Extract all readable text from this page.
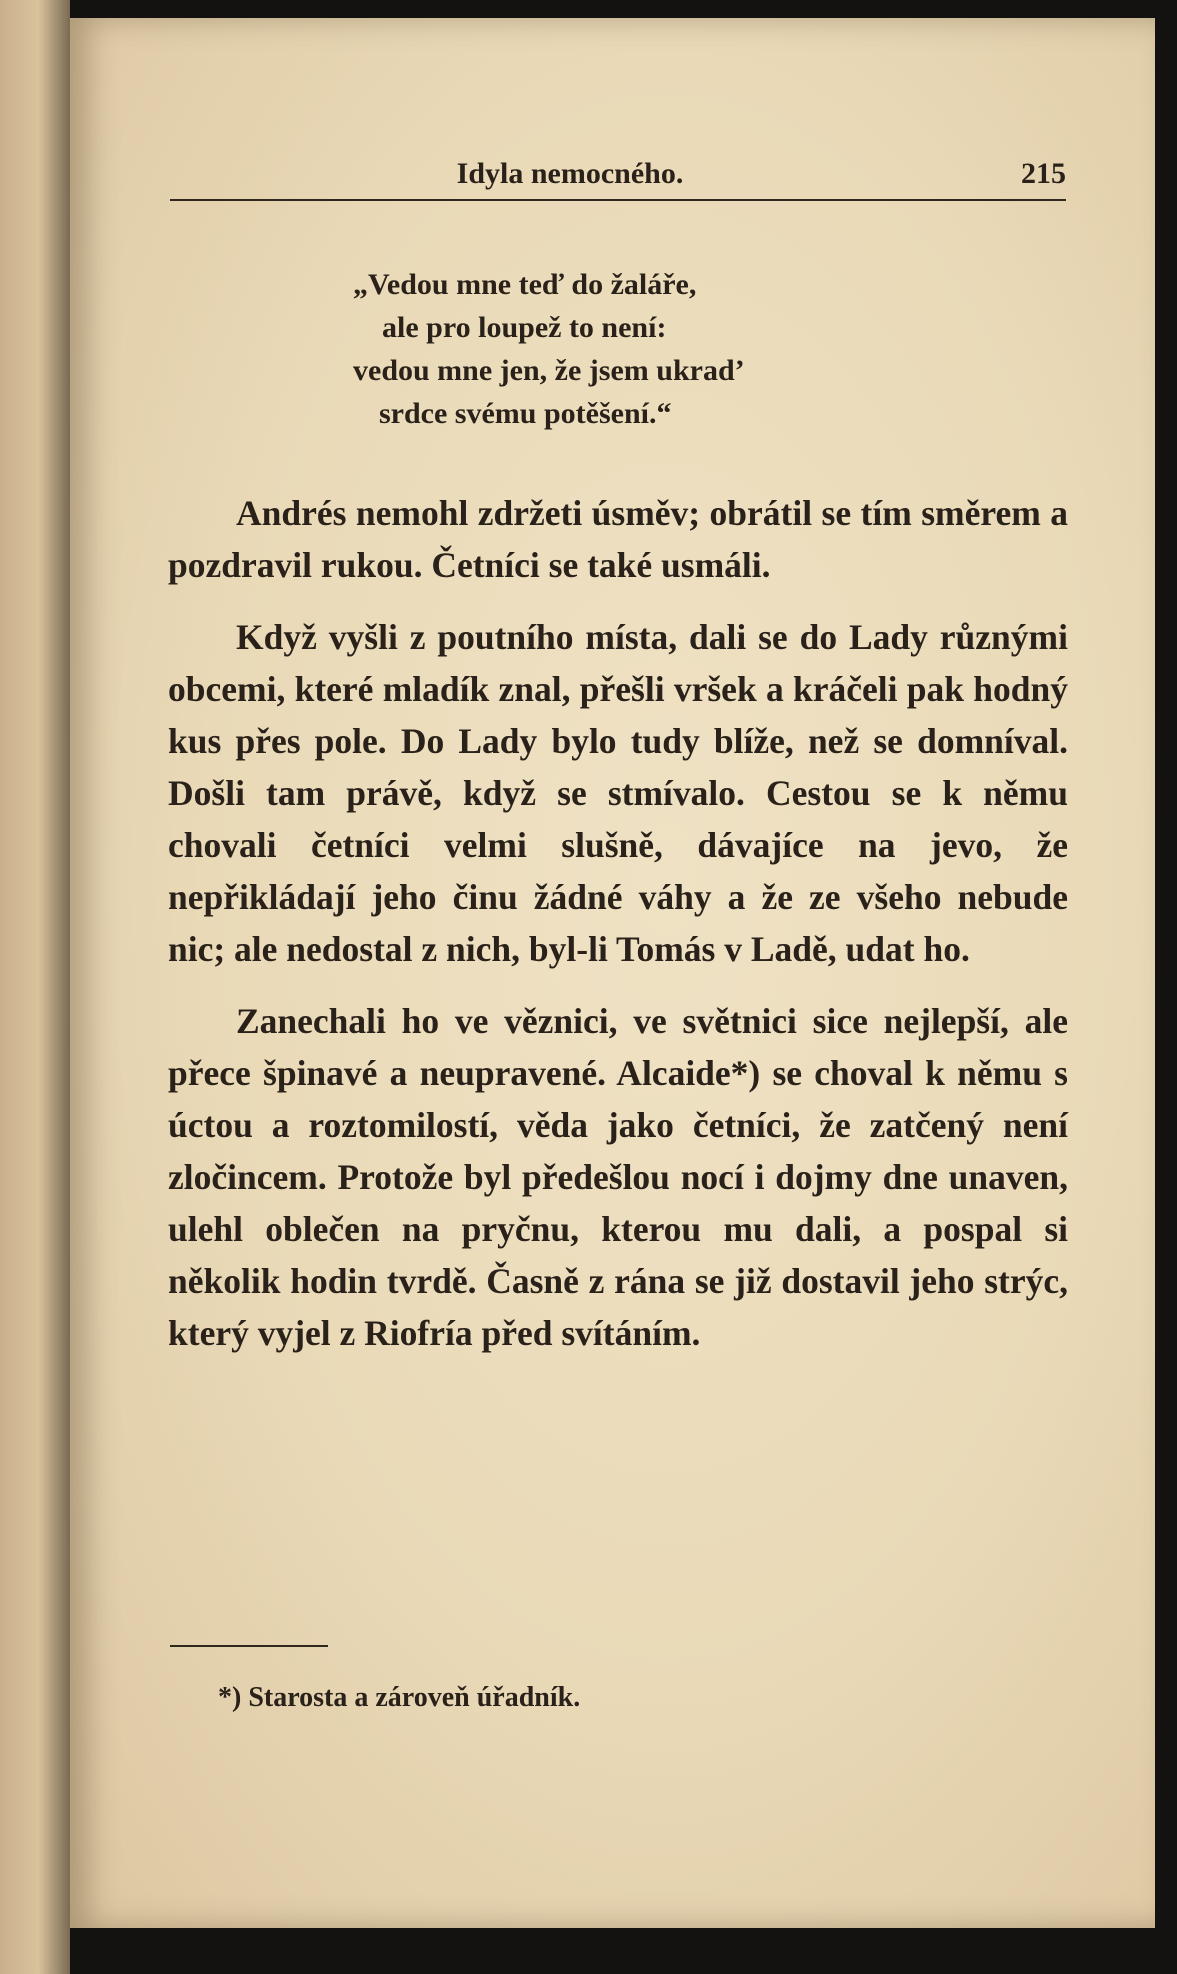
Idyla nemocného.	215
„Vedou mne teď do žaláře,
ale pro loupež to není:
vedou mne jen, že jsem ukrad’
srdce svému potěšení.“

Andrés nemohl zdržeti úsměv; obrátil se tím směrem a pozdravil rukou. Četníci se také usmáli.

Když vyšli z poutního místa, dali se do Lady různými obcemi, které mladík znal, přešli vršek a kráčeli pak hodný kus přes pole. Do Lady bylo tudy blíže, než se domníval. Došli tam právě, když se stmívalo. Cestou se k němu chovali četníci velmi slušně, dávajíce na jevo, že nepřikládají jeho činu žádné váhy a že ze všeho nebude nic; ale nedostal z nich, byl-li Tomás v Ladě, udat ho.

Zanechali ho ve věznici, ve světnici sice nejlepší, ale přece špinavé a neupravené. Alcaide*) se choval k němu s úctou a roztomilostí, věda jako četníci, že zatčený není zločincem. Protože byl předešlou nocí i dojmy dne unaven, ulehl oblečen na pryčnu, kterou mu dali, a pospal si několik hodin tvrdě. Časně z rána se již dostavil jeho strýc, který vyjel z Riofría před svítáním.

*) Starosta a zároveň úřadník.
